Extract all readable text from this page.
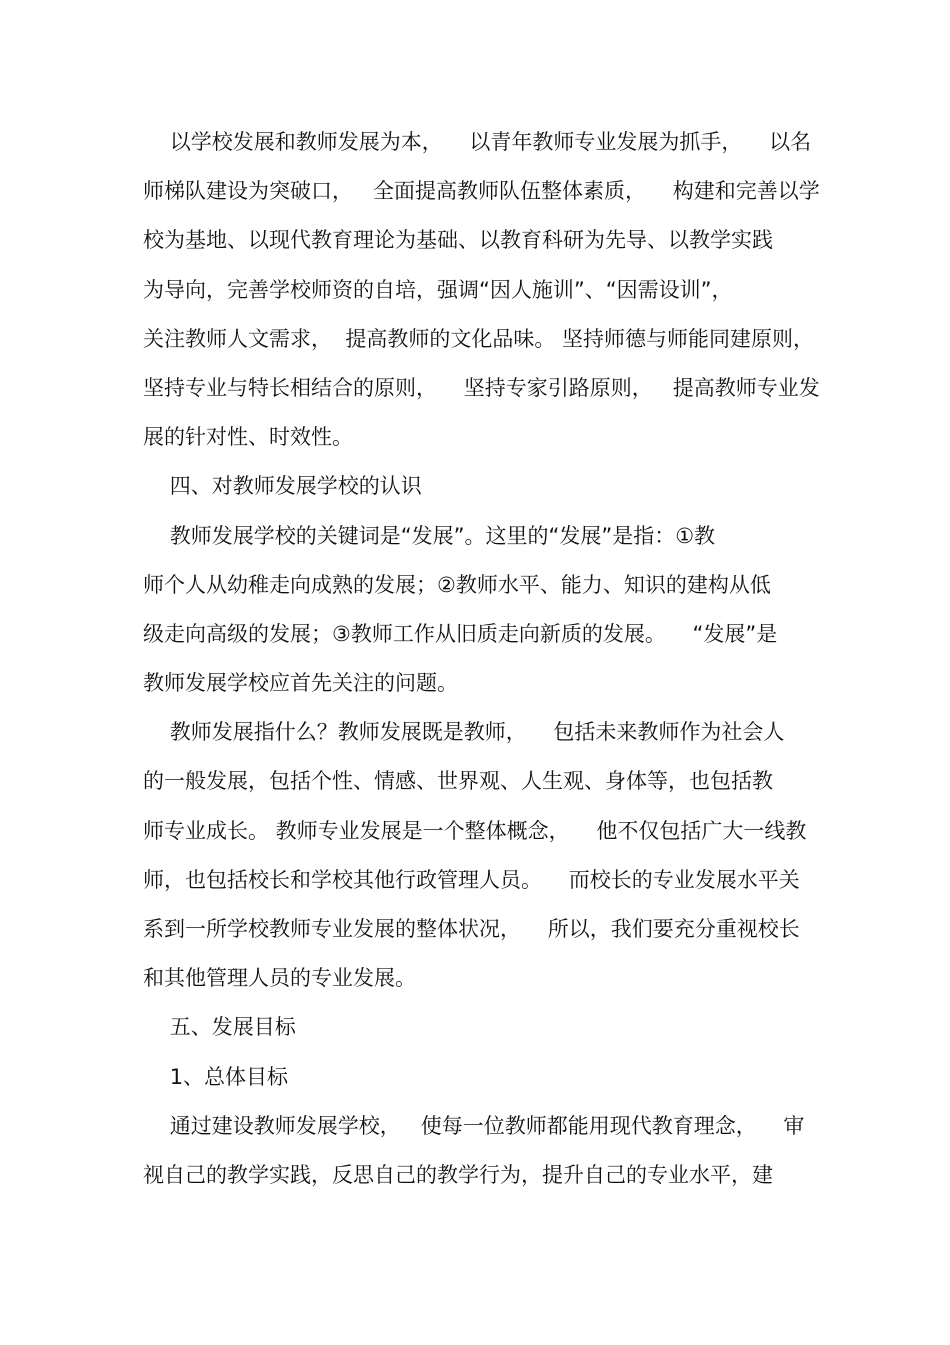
以学校发展和教师发展为本，    以青年教师专业发展为抓手，    以名
师梯队建设为突破口，   全面提高教师队伍整体素质，    构建和完善以学
校为基地、以现代教育理论为基础、以教育科研为先导、以教学实践
为导向，完善学校师资的自培，强调“因人施训”、“因需设训”，
关注教师人文需求，  提高教师的文化品味。 坚持师德与师能同建原则，
坚持专业与特长相结合的原则，    坚持专家引路原则，   提高教师专业发
展的针对性、时效性。
四、对教师发展学校的认识
教师发展学校的关键词是“发展”。这里的“发展”是指：①教
师个人从幼稚走向成熟的发展；②教师水平、能力、知识的建构从低
级走向高级的发展；③教师工作从旧质走向新质的发展。    “发展”是
教师发展学校应首先关注的问题。
教师发展指什么？教师发展既是教师，    包括未来教师作为社会人
的一般发展，包括个性、情感、世界观、人生观、身体等，也包括教
师专业成长。 教师专业发展是一个整体概念，    他不仅包括广大一线教
师，也包括校长和学校其他行政管理人员。    而校长的专业发展水平关
系到一所学校教师专业发展的整体状况，    所以，我们要充分重视校长
和其他管理人员的专业发展。
五、发展目标
1、总体目标
通过建设教师发展学校，   使每一位教师都能用现代教育理念，    审
视自己的教学实践，反思自己的教学行为，提升自己的专业水平，建
